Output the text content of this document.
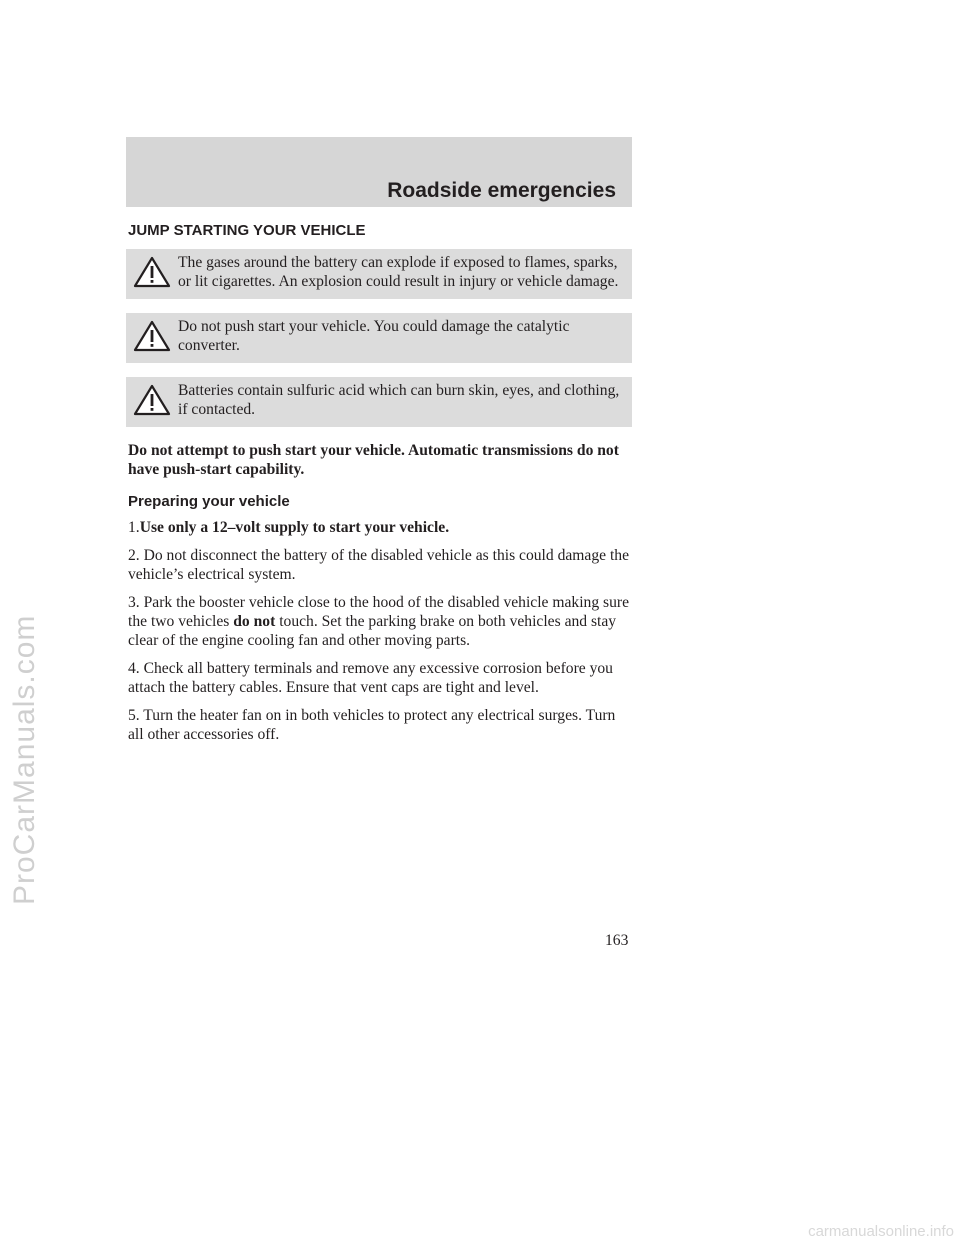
Roadside emergencies
JUMP STARTING YOUR VEHICLE

The gases around the battery can explode if exposed to flames, sparks, or lit cigarettes. An explosion could result in injury or vehicle damage.

Do not push start your vehicle. You could damage the catalytic converter.

Batteries contain sulfuric acid which can burn skin, eyes, and clothing, if contacted.

Do not attempt to push start your vehicle. Automatic transmissions do not have push-start capability.

Preparing your vehicle

1.Use only a 12–volt supply to start your vehicle.

2. Do not disconnect the battery of the disabled vehicle as this could damage the vehicle’s electrical system.

3. Park the booster vehicle close to the hood of the disabled vehicle making sure the two vehicles do not touch. Set the parking brake on both vehicles and stay clear of the engine cooling fan and other moving parts.

4. Check all battery terminals and remove any excessive corrosion before you attach the battery cables. Ensure that vent caps are tight and level.

5. Turn the heater fan on in both vehicles to protect any electrical surges. Turn all other accessories off.

163
ProCarManuals.com
carmanualsonline.info
